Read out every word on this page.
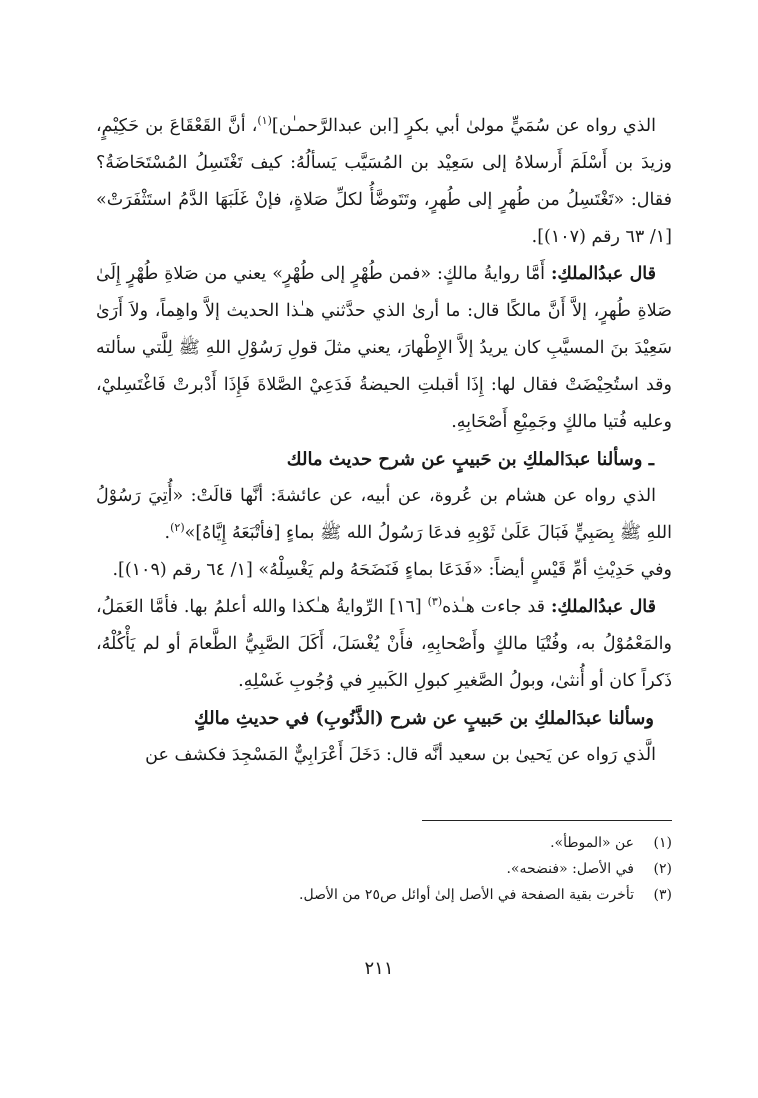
الذي رواه عن سُمَيٍّ مولىٰ أبي بكرٍ [ابن عبدالرَّحمـٰن]$^{(١)}$، أنَّ القَعْقَاعَ بن حَكِيْمٍ، وزيدَ بن أَسْلَمَ أَرسلاهُ إلى سَعِيْد بن المُسَيَّب يَسألُهُ: كيف تَغْتَسِلُ المُسْتَحَاضَةُ؟ فقال: «تَغْتَسِلُ من طُهرٍ إلى طُهرٍ، وتَتَوضَّأُ لكلِّ صَلاةٍ، فإنْ غَلَبَهَا الدَّمُ استَثْفَرَتْ» [١/ ٦٣ رقم (١٠٧)].

قال عبدُالملكِ: أَمَّا روايةُ مالكٍ: «فمن طُهْرٍ إلى طُهْرٍ» يعني من صَلاةِ طُهْرٍ إِلَىٰ صَلاةِ طُهرٍ، إلاَّ أَنَّ مالكًا قال: ما أرىٰ الذي حدَّثني هـٰذا الحديث إلاَّ واهِماً، ولاَ أَرَىٰ سَعِيْدَ بنَ المسيَّبِ كان يريدُ إلاَّ الإِطْهارَ، يعني مثلَ قولِ رَسُوْلِ اللهِ ﷺ لِلَّتي سألته وقد استُحِيْضَتْ فقال لها: إِذَا أقبلتِ الحيضةُ فَدَعِيْ الصَّلاةَ فَإِذَا أَدْبرتْ فَاغْتَسِليْ، وعليه فُتيا مالكٍ وجَمِيْعِ أَصْحَابِهِ.

ـ وسألنا عبدَالملكِ بن حَبيبٍ عن شرح حديث مالك

الذي رواه عن هشام بن عُروة، عن أبيه، عن عائشةَ: أنَّها قالَتْ: «أُتِيَ رَسُوْلُ اللهِ ﷺ بِصَبِيٍّ فَبَالَ عَلَىٰ ثَوْبِهِ فدعَا رَسُولُ الله ﷺ بماءٍ [فأتْبَعَهُ إِيَّاهُ]»$^{(٢)}$.

وفي حَدِيْثِ أمِّ قَيْسٍ أيضاً: «فَدَعَا بماءٍ فَنَضَحَهُ ولم يَغْسِلْهُ» [١/ ٦٤ رقم (١٠٩)].

قال عبدُالملكِ: قد جاءت هـٰذه$^{(٣)}$ [١٦] الرِّوايةُ هـٰكذا والله أعلمُ بها. فأمَّا العَمَلُ، والمَعْمُوْلُ به، وفُتْيَا مالكٍ وأَصْحابِهِ، فأَنْ يُغْسَلَ، أَكَلَ الصَّبِيُّ الطَّعامَ أو لم يَأْكُلْهُ، ذَكراً كان أو أُنثىٰ، وبولُ الصَّغيرِ كبولِ الكَبيرِ في وُجُوبِ غَسْلِهِ.

وسألنا عبدَالملكِ بن حَبيبٍ عن شرح (الذَّنُوبِ) في حديثِ مالكٍ

الَّذي رَواه عن يَحيىٰ بن سعيد أنَّه قال: دَخَلَ أَعْرَابِيٌّ المَسْجِدَ فكشف عن

(١)
عن «الموطأ».
(٢)
في الأصل: «فنضحه».
(٣)
تأخرت بقية الصفحة في الأصل إلىٰ أوائل ص٢٥ من الأصل.
٢١١
